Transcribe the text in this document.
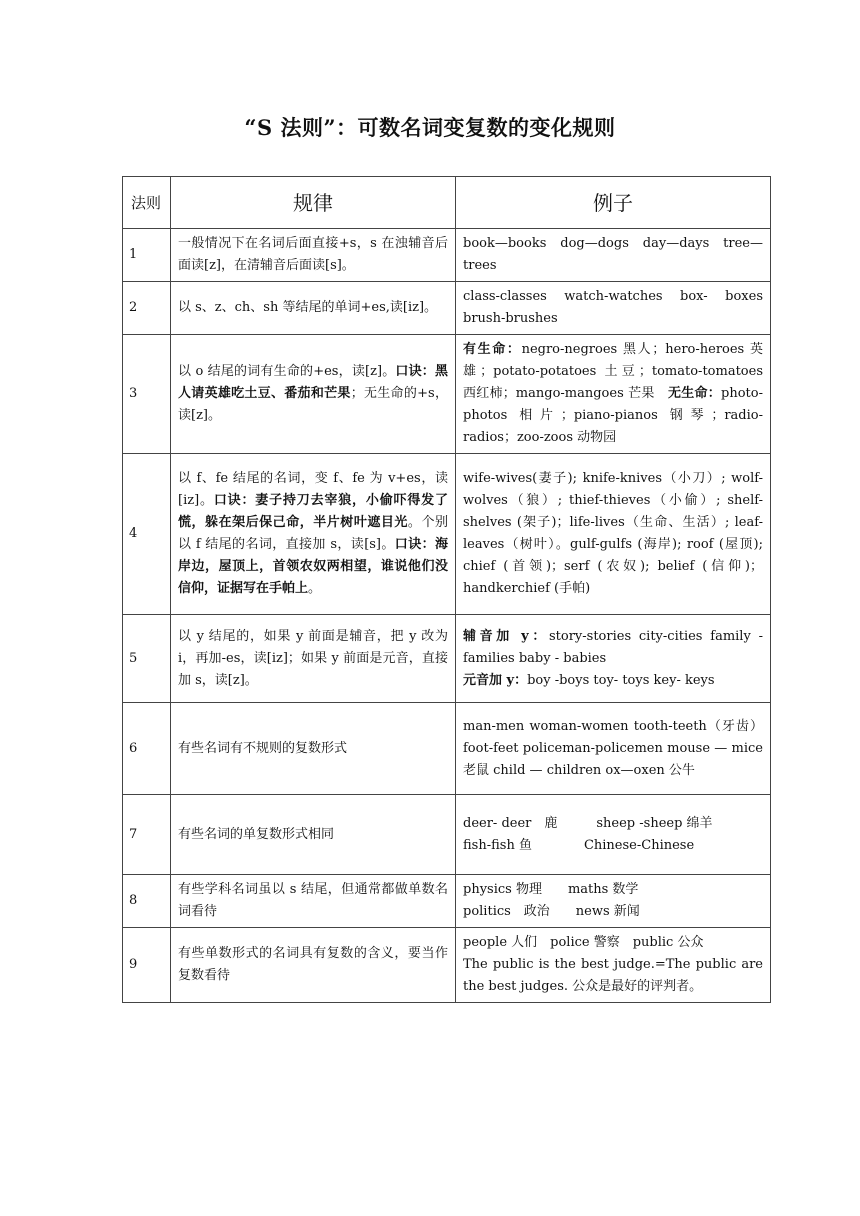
“S 法则”：可数名词变复数的变化规则
法则	规律	例子
1	一般情况下在名词后面直接+s，s 在浊辅音后面读[z]，在清辅音后面读[s]。	book—books dog—dogs day—days tree—trees
2	以 s、z、ch、sh 等结尾的单词+es,读[iz]。	class-classes watch-watches box- boxes brush-brushes
3	以 o 结尾的词有生命的+es，读[z]。口诀：黑人请英雄吃土豆、番茄和芒果；无生命的+s，读[z]。	有生命：negro-negroes 黑人；hero-heroes 英雄；potato-potatoes 土豆；tomato-tomatoes 西红柿；mango-mangoes 芒果　 无生命：photo-photos 相片；piano-pianos 钢琴；radio-radios；zoo-zoos 动物园
4	以 f、fe 结尾的名词，变 f、fe 为 v+es，读[iz]。口诀：妻子持刀去宰狼，小偷吓得发了慌，躲在架后保己命，半片树叶遮目光。个别以 f 结尾的名词，直接加 s，读[s]。口诀：海岸边，屋顶上，首领农奴两相望，谁说他们没信仰，证据写在手帕上。	wife-wives(妻子); knife-knives（小刀）; wolf-wolves（狼）; thief-thieves（小偷）; shelf-shelves (架子)；life-lives（生命、生活）; leaf-leaves（树叶）。gulf-gulfs (海岸); roof (屋顶); chief (首领)；serf (农奴); belief (信仰)；handkerchief (手帕)
5	以 y 结尾的，如果 y 前面是辅音，把 y 改为 i，再加-es，读[iz]；如果 y 前面是元音，直接加 s，读[z]。	辅音加 y：story-stories city-cities family -families baby - babies
元音加 y：boy -boys toy- toys key- keys
6	有些名词有不规则的复数形式	man-men woman-women tooth-teeth（牙齿） foot-feet policeman-policemen mouse — mice 老鼠 child — children ox—oxen 公牛
7	有些名词的单复数形式相同	deer- deer　鹿　　　sheep -sheep 绵羊
fish-fish 鱼　　　　Chinese-Chinese
8	有些学科名词虽以 s 结尾，但通常都做单数名词看待	physics 物理　　maths 数学
politics　政治　　news 新闻
9	有些单数形式的名词具有复数的含义，要当作复数看待	people 人们　police 警察　public 公众
The public is the best judge.=The public are the best judges. 公众是最好的评判者。
